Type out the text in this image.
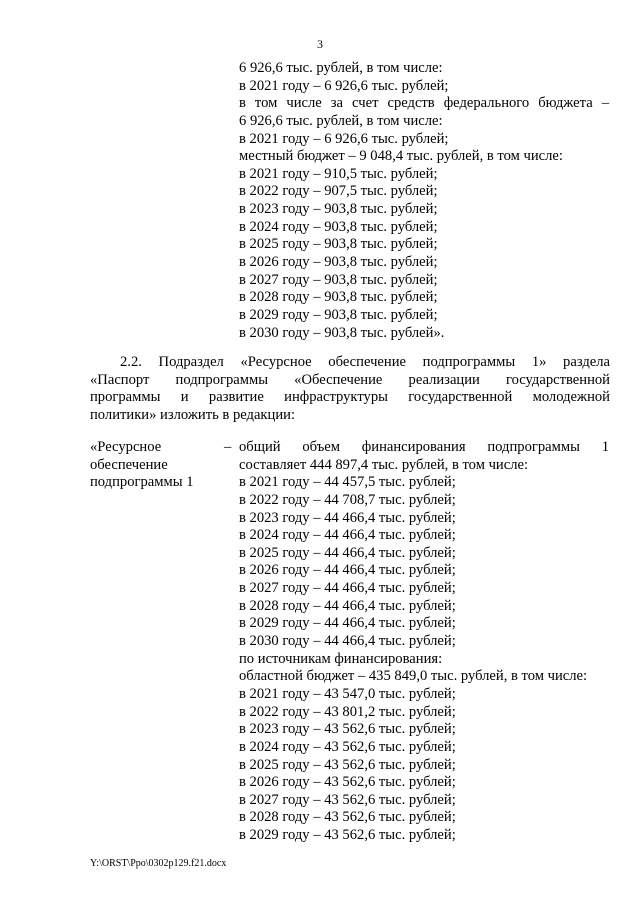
3
6 926,6 тыс. рублей, в том числе:
в 2021 году – 6 926,6 тыс. рублей;
в том числе за счет средств федерального бюджета –
6 926,6 тыс. рублей, в том числе:
в 2021 году – 6 926,6 тыс. рублей;
местный бюджет – 9 048,4 тыс. рублей, в том числе:
в 2021 году – 910,5 тыс. рублей;
в 2022 году – 907,5 тыс. рублей;
в 2023 году – 903,8 тыс. рублей;
в 2024 году – 903,8 тыс. рублей;
в 2025 году – 903,8 тыс. рублей;
в 2026 году – 903,8 тыс. рублей;
в 2027 году – 903,8 тыс. рублей;
в 2028 году – 903,8 тыс. рублей;
в 2029 году – 903,8 тыс. рублей;
в 2030 году – 903,8 тыс. рублей».
2.2. Подраздел «Ресурсное обеспечение подпрограммы 1» раздела
«Паспорт подпрограммы «Обеспечение реализации государственной
программы и развитие инфраструктуры государственной молодежной
политики» изложить в редакции:
«Ресурсное
обеспечение
подпрограммы 1
– общий объем финансирования подпрограммы 1
составляет 444 897,4 тыс. рублей, в том числе:
в 2021 году – 44 457,5 тыс. рублей;
в 2022 году – 44 708,7 тыс. рублей;
в 2023 году – 44 466,4 тыс. рублей;
в 2024 году – 44 466,4 тыс. рублей;
в 2025 году – 44 466,4 тыс. рублей;
в 2026 году – 44 466,4 тыс. рублей;
в 2027 году – 44 466,4 тыс. рублей;
в 2028 году – 44 466,4 тыс. рублей;
в 2029 году – 44 466,4 тыс. рублей;
в 2030 году – 44 466,4 тыс. рублей;
по источникам финансирования:
областной бюджет – 435 849,0 тыс. рублей, в том числе:
в 2021 году – 43 547,0 тыс. рублей;
в 2022 году – 43 801,2 тыс. рублей;
в 2023 году – 43 562,6 тыс. рублей;
в 2024 году – 43 562,6 тыс. рублей;
в 2025 году – 43 562,6 тыс. рублей;
в 2026 году – 43 562,6 тыс. рублей;
в 2027 году – 43 562,6 тыс. рублей;
в 2028 году – 43 562,6 тыс. рублей;
в 2029 году – 43 562,6 тыс. рублей;
Y:\ORST\Ppo\0302p129.f21.docx
